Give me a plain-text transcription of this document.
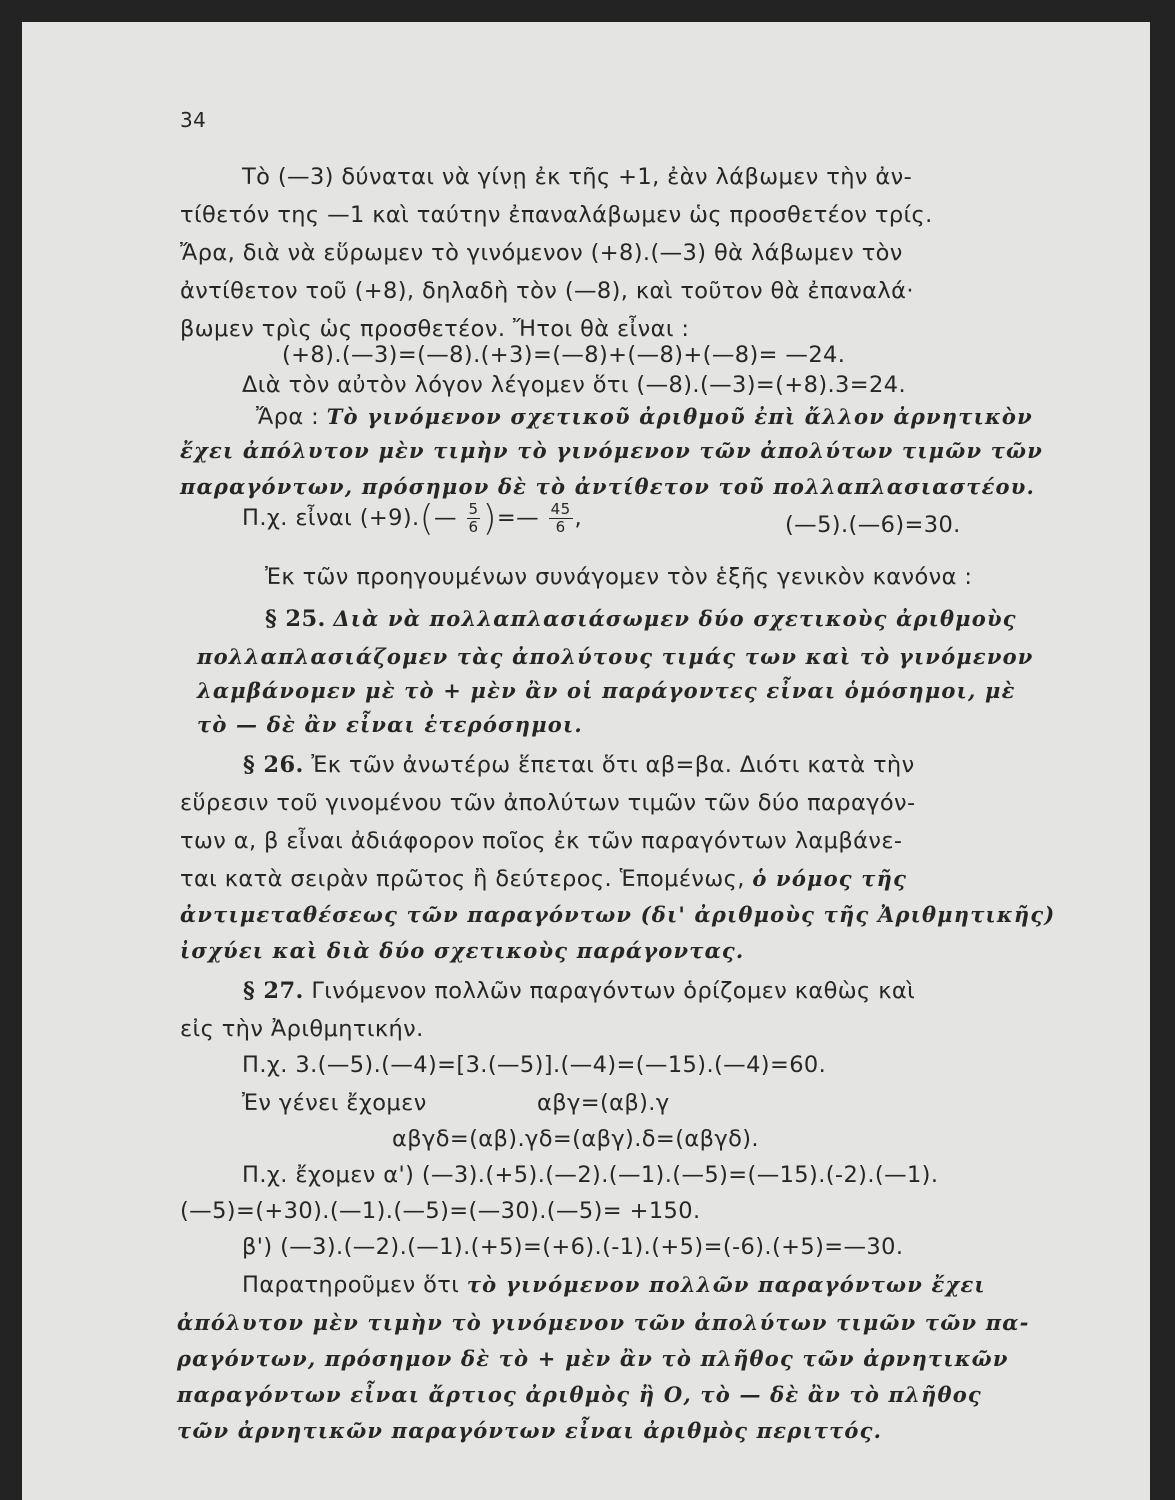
34
Τὸ (—3) δύναται νὰ γίνῃ ἐκ τῆς +1, ἐὰν λάβωμεν τὴν ἀν-
τίθετόν της —1 καὶ ταύτην ἐπαναλάβωμεν ὡς προσθετέον τρίς.
Ἄρα, διὰ νὰ εὕρωμεν τὸ γινόμενον (+8).(—3) θὰ λάβωμεν τὸν
ἀντίθετον τοῦ (+8), δηλαδὴ τὸν (—8), καὶ τοῦτον θὰ ἐπαναλά·
βωμεν τρὶς ὡς προσθετέον. Ἤτοι θὰ εἶναι :
(+8).(—3)=(—8).(+3)=(—8)+(—8)+(—8)= —24.
Διὰ τὸν αὐτὸν λόγον λέγομεν ὅτι (—8).(—3)=(+8).3=24.
Ἄρα : Τὸ γινόμενον σχετικοῦ ἀριθμοῦ ἐπὶ ἄλλον ἀρνητικὸν
ἔχει ἀπόλυτον μὲν τιμὴν τὸ γινόμενον τῶν ἀπολύτων τιμῶν τῶν
παραγόντων, πρόσημον δὲ τὸ ἀντίθετον τοῦ πολλαπλασιαστέου.
Π.χ. εἶναι (+9).(— $\frac{5}{6}$ )=— $\frac{45}{6}$ ,	(—5).(—6)=30.
Ἐκ τῶν προηγουμένων συνάγομεν τὸν ἑξῆς γενικὸν κανόνα :
§ 25. Διὰ νὰ πολλαπλασιάσωμεν δύο σχετικοὺς ἀριθμοὺς
πολλαπλασιάζομεν τὰς ἀπολύτους τιμάς των καὶ τὸ γινόμενον
λαμβάνομεν μὲ τὸ + μὲν ἂν οἱ παράγοντες εἶναι ὁμόσημοι, μὲ
τὸ — δὲ ἂν εἶναι ἑτερόσημοι.
§ 26. Ἐκ τῶν ἀνωτέρω ἕπεται ὅτι αβ=βα. Διότι κατὰ τὴν
εὕρεσιν τοῦ γινομένου τῶν ἀπολύτων τιμῶν τῶν δύο παραγόν-
των α, β εἶναι ἀδιάφορον ποῖος ἐκ τῶν παραγόντων λαμβάνε-
ται κατὰ σειρὰν πρῶτος ἢ δεύτερος. Ἑπομένως, ὁ νόμος τῆς
ἀντιμεταθέσεως τῶν παραγόντων (δι' ἀριθμοὺς τῆς Ἀριθμητικῆς)
ἰσχύει καὶ διὰ δύο σχετικοὺς παράγοντας.
§ 27. Γινόμενον πολλῶν παραγόντων ὁρίζομεν καθὼς καὶ
εἰς τὴν Ἀριθμητικήν.
Π.χ. 3.(—5).(—4)=[3.(—5)].(—4)=(—15).(—4)=60.
Ἐν γένει ἔχομεν	αβγ=(αβ).γ
αβγδ=(αβ).γδ=(αβγ).δ=(αβγδ).
Π.χ. ἔχομεν α') (—3).(+5).(—2).(—1).(—5)=(—15).(-2).(—1).
(—5)=(+30).(—1).(—5)=(—30).(—5)= +150.
β') (—3).(—2).(—1).(+5)=(+6).(-1).(+5)=(-6).(+5)=—30.
Παρατηροῦμεν ὅτι τὸ γινόμενον πολλῶν παραγόντων ἔχει
ἀπόλυτον μὲν τιμὴν τὸ γινόμενον τῶν ἀπολύτων τιμῶν τῶν πα-
ραγόντων, πρόσημον δὲ τὸ + μὲν ἂν τὸ πλῆθος τῶν ἀρνητικῶν
παραγόντων εἶναι ἄρτιος ἀριθμὸς ἢ Ο, τὸ — δὲ ἂν τὸ πλῆθος
τῶν ἀρνητικῶν παραγόντων εἶναι ἀριθμὸς περιττός.
